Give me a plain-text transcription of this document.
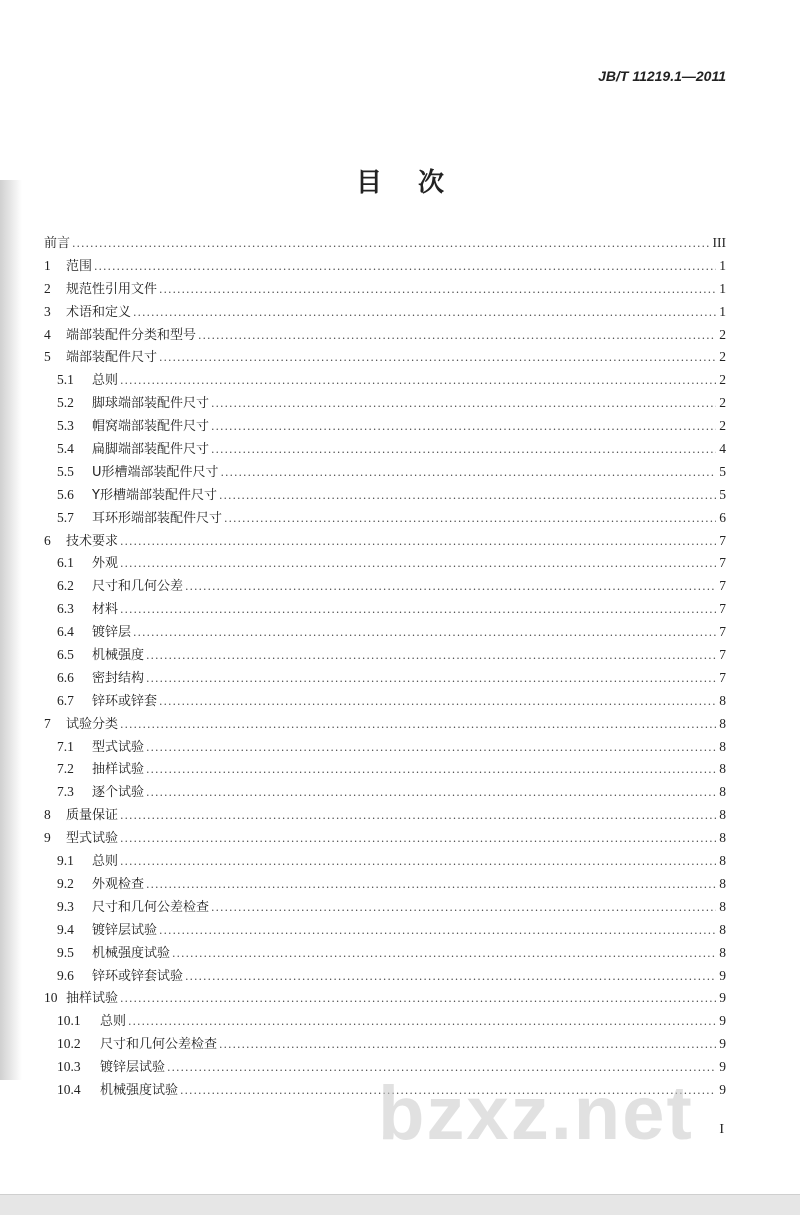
JB/T 11219.1—2011
目次
前言 .....	III
1	范围 .....	1
2	规范性引用文件 .....	1
3	术语和定义 .....	1
4	端部装配件分类和型号 .....	2
5	端部装配件尺寸 .....	2
5.1	总则 .....	2
5.2	脚球端部装配件尺寸 .....	2
5.3	帽窝端部装配件尺寸 .....	2
5.4	扁脚端部装配件尺寸 .....	4
5.5	U形槽端部装配件尺寸 .....	5
5.6	Y形槽端部装配件尺寸 .....	5
5.7	耳环形端部装配件尺寸 .....	6
6	技术要求 .....	7
6.1	外观 .....	7
6.2	尺寸和几何公差 .....	7
6.3	材料 .....	7
6.4	镀锌层 .....	7
6.5	机械强度 .....	7
6.6	密封结构 .....	7
6.7	锌环或锌套 .....	8
7	试验分类 .....	8
7.1	型式试验 .....	8
7.2	抽样试验 .....	8
7.3	逐个试验 .....	8
8	质量保证 .....	8
9	型式试验 .....	8
9.1	总则 .....	8
9.2	外观检查 .....	8
9.3	尺寸和几何公差检查 .....	8
9.4	镀锌层试验 .....	8
9.5	机械强度试验 .....	8
9.6	锌环或锌套试验 .....	9
10 抽样试验 .....	9
10.1	总则 .....	9
10.2	尺寸和几何公差检查 .....	9
10.3	镀锌层试验 .....	9
10.4	机械强度试验 .....	9
I
bzxz.net
